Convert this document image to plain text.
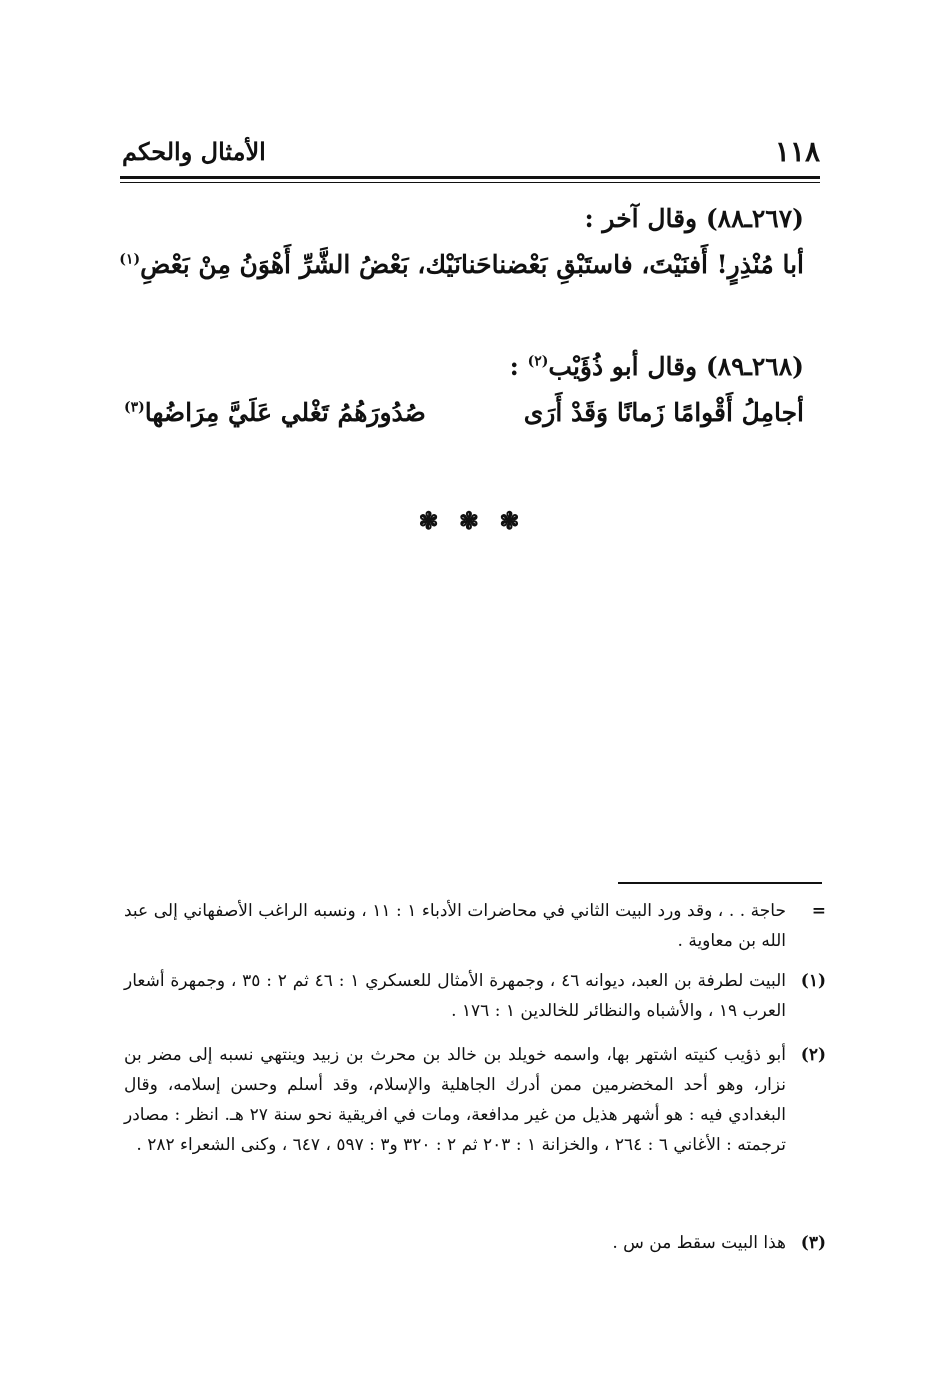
١١٨
الأمثال والحكم
(٢٦٧ـ٨٨) وقال آخر :
أبا مُنْذِرٍ! أَفنَيْتَ، فاستَبْقِ بَعْضنا
حَنانَيْك، بَعْضُ الشَّرِّ أَهْوَنُ مِنْ بَعْضِ$^{(١)}$
(٢٦٨ـ٨٩) وقال أبو ذُؤَيْب$^{(٢)}$ :
أجامِلُ أَقْوامًا زَمانًا وَقَدْ أَرَى
صُدُورَهُمُ تَغْلي عَلَيَّ مِرَاضُها$^{(٣)}$
❃ ❃ ❃
=
حاجة . . ، وقد ورد البيت الثاني في محاضرات الأدباء ١ : ١١ ، ونسبه الراغب الأصفهاني إلى عبد الله بن معاوية .
(١)
البيت لطرفة بن العبد، ديوانه ٤٦ ، وجمهرة الأمثال للعسكري ١ : ٤٦ ثم ٢ : ٣٥ ، وجمهرة أشعار العرب ١٩ ، والأشباه والنظائر للخالدين ١ : ١٧٦ .
(٢)
أبو ذؤيب كنيته اشتهر بها، واسمه خويلد بن خالد بن محرث بن زبيد وينتهي نسبه إلى مضر بن نزار، وهو أحد المخضرمين ممن أدرك الجاهلية والإسلام، وقد أسلم وحسن إسلامه، وقال البغدادي فيه : هو أشهر هذيل من غير مدافعة، ومات في افريقية نحو سنة ٢٧ هـ. انظر : مصادر ترجمته : الأغاني ٦ : ٢٦٤ ، والخزانة ١ : ٢٠٣ ثم ٢ : ٣٢٠ و٣ : ٥٩٧ ، ٦٤٧ ، وكنى الشعراء ٢٨٢ .
(٣)
هذا البيت سقط من س .
